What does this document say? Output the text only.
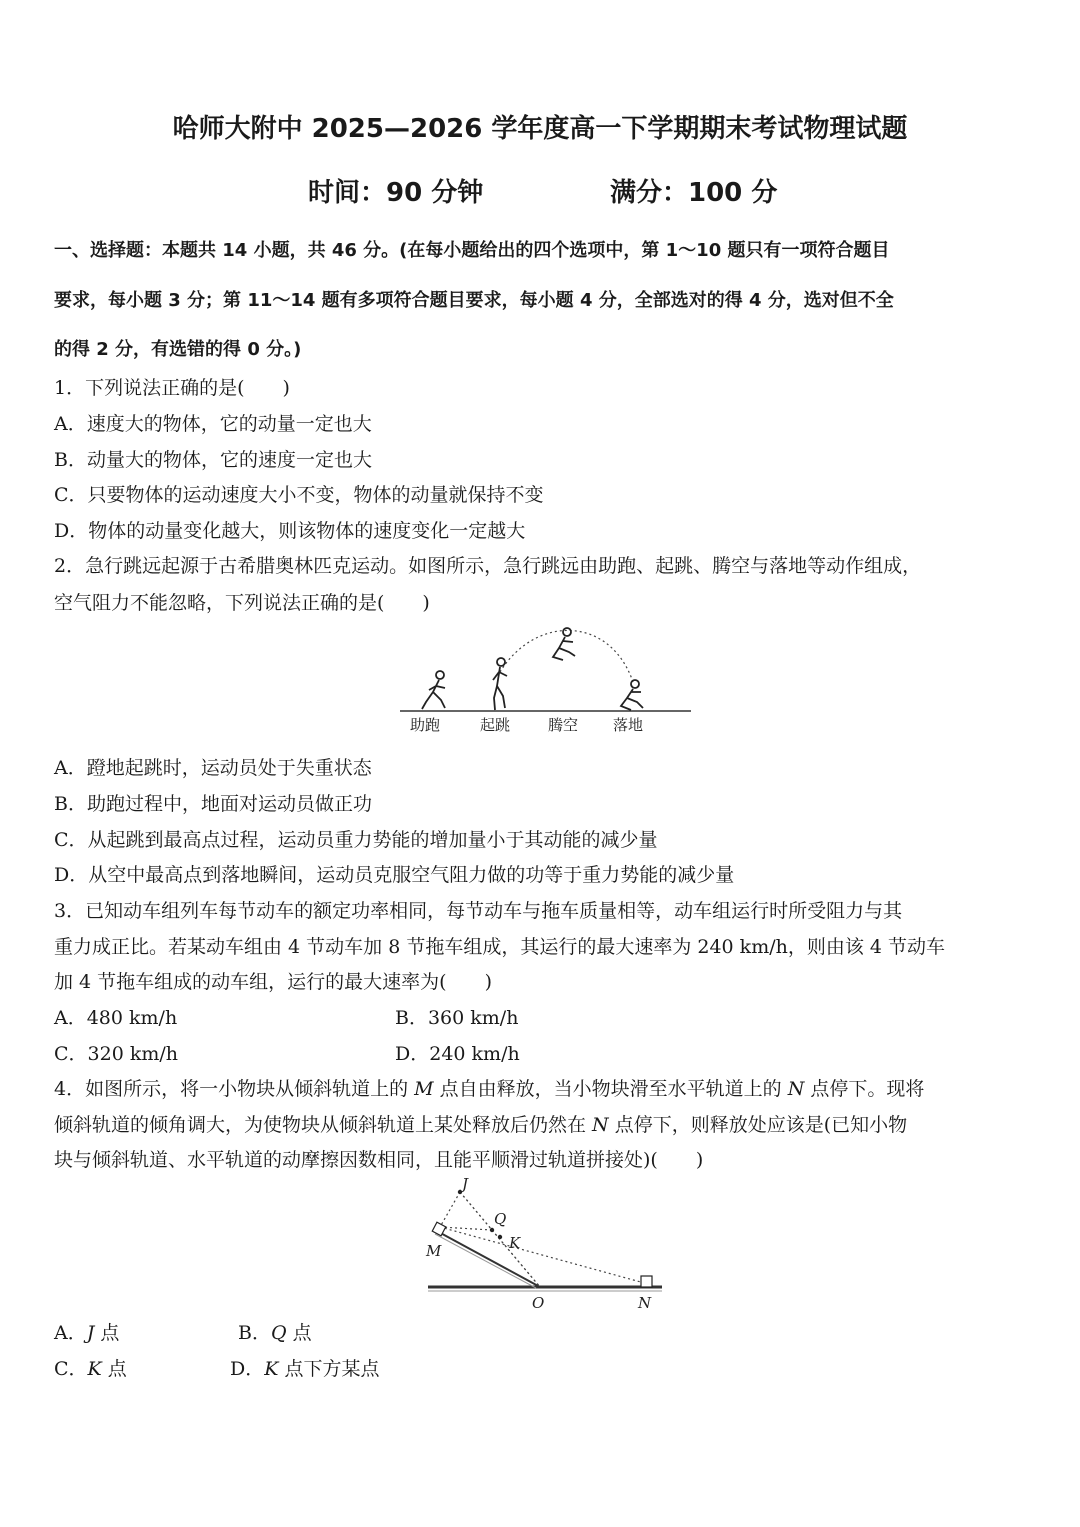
哈师大附中 2025—2026 学年度高一下学期期末考试物理试题
时间：90 分钟	满分：100 分
一、选择题：本题共 14 小题，共 46 分。(在每小题给出的四个选项中，第 1～10 题只有一项符合题目
要求，每小题 3 分；第 11～14 题有多项符合题目要求，每小题 4 分，全部选对的得 4 分，选对但不全
的得 2 分，有选错的得 0 分。)
1．下列说法正确的是(　　)
A．速度大的物体，它的动量一定也大
B．动量大的物体，它的速度一定也大
C．只要物体的运动速度大小不变，物体的动量就保持不变
D．物体的动量变化越大，则该物体的速度变化一定越大
2．急行跳远起源于古希腊奥林匹克运动。如图所示，急行跳远由助跑、起跳、腾空与落地等动作组成，
空气阻力不能忽略，下列说法正确的是(　　)
助跑	起跳	腾空 落地
A．蹬地起跳时，运动员处于失重状态
B．助跑过程中，地面对运动员做正功
C．从起跳到最高点过程，运动员重力势能的增加量小于其动能的减少量
D．从空中最高点到落地瞬间，运动员克服空气阻力做的功等于重力势能的减少量
3．已知动车组列车每节动车的额定功率相同，每节动车与拖车质量相等，动车组运行时所受阻力与其
重力成正比。若某动车组由 4 节动车加 8 节拖车组成，其运行的最大速率为 240 km/h，则由该 4 节动车
加 4 节拖车组成的动车组，运行的最大速率为(　　)
A．480 km/h	B．360 km/h
C．320 km/h	D．240 km/h
4．如图所示，将一小物块从倾斜轨道上的 M 点自由释放，当小物块滑至水平轨道上的 N 点停下。现将
倾斜轨道的倾角调大，为使物块从倾斜轨道上某处释放后仍然在 N 点停下，则释放处应该是(已知小物
块与倾斜轨道、水平轨道的动摩擦因数相同，且能平顺滑过轨道拼接处)(　　)
J
Q
M	K
O	N
A．J 点	B．Q 点
C．K 点	D．K 点下方某点
